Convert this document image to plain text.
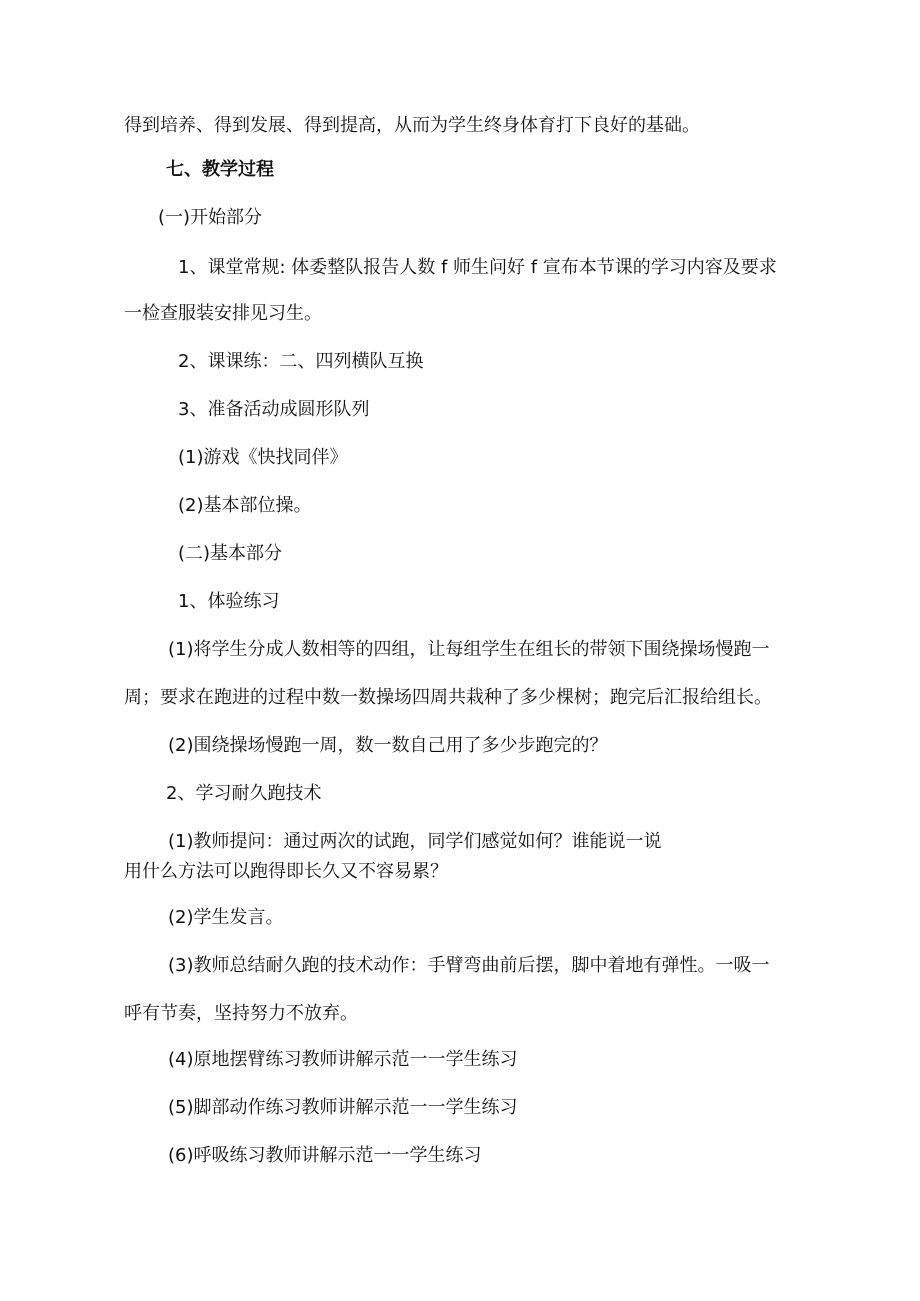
得到培养、得到发展、得到提高，从而为学生终身体育打下良好的基础。
七、教学过程
(一)开始部分
1、课堂常规: 体委整队报告人数 f 师生问好 f 宣布本节课的学习内容及要求
一检查服装安排见习生。
2、课课练：二、四列横队互换
3、准备活动成圆形队列
(1)游戏《快找同伴》
(2)基本部位操。
(二)基本部分
1、体验练习
(1)将学生分成人数相等的四组，让每组学生在组长的带领下围绕操场慢跑一
周；要求在跑进的过程中数一数操场四周共栽种了多少棵树；跑完后汇报给组长。
(2)围绕操场慢跑一周，数一数自己用了多少步跑完的？
2、学习耐久跑技术
(1)教师提问：通过两次的试跑，同学们感觉如何？谁能说一说
用什么方法可以跑得即长久又不容易累？
(2)学生发言。
(3)教师总结耐久跑的技术动作：手臂弯曲前后摆，脚中着地有弹性。一吸一
呼有节奏，坚持努力不放弃。
(4)原地摆臂练习教师讲解示范一一学生练习
(5)脚部动作练习教师讲解示范一一学生练习
(6)呼吸练习教师讲解示范一一学生练习
